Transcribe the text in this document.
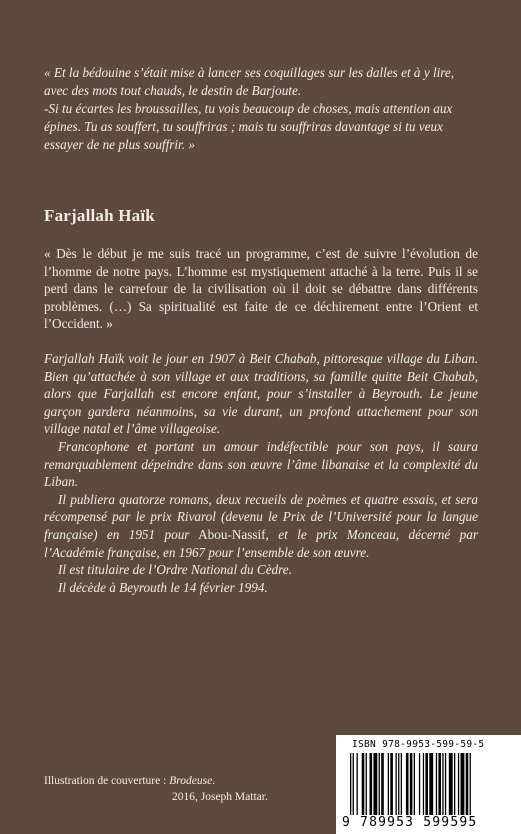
« Et la bédouine s’était mise à lancer ses coquillages sur les dalles et à y lire, avec des mots tout chauds, le destin de Barjoute.

-Si tu écartes les broussailles, tu vois beaucoup de choses, mais attention aux épines. Tu as souffert, tu souffriras ; mais tu souffriras davantage si tu veux essayer de ne plus souffrir. »

Farjallah Haïk
« Dès le début je me suis tracé un programme, c’est de suivre l’évolution de l’homme de notre pays. L’homme est mystiquement attaché à la terre. Puis il se perd dans le carrefour de la civilisation où il doit se débattre dans différents problèmes. (…) Sa spiritualité est faite de ce déchirement entre l’Orient et l’Occident. »

Farjallah Haïk voit le jour en 1907 à Beit Chabab, pittoresque village du Liban. Bien qu’attachée à son village et aux traditions, sa famille quitte Beit Chabab, alors que Farjallah est encore enfant, pour s’installer à Beyrouth. Le jeune garçon gardera néanmoins, sa vie durant, un profond attachement pour son village natal et l’âme villageoise.

Francophone et portant un amour indéfectible pour son pays, il saura remarquablement dépeindre dans son œuvre l’âme libanaise et la complexité du Liban.

Il publiera quatorze romans, deux recueils de poèmes et quatre essais, et sera récompensé par le prix Rivarol (devenu le Prix de l’Université pour la langue française) en 1951 pour Abou-Nassif, et le prix Monceau, décerné par l’Académie française, en 1967 pour l’ensemble de son œuvre.

Il est titulaire de l’Ordre National du Cèdre.

Il décède à Beyrouth le 14 février 1994.

Illustration de couverture : Brodeuse.
2016, Joseph Mattar.
ISBN 978-9953-599-59-5
9 789953 599595
